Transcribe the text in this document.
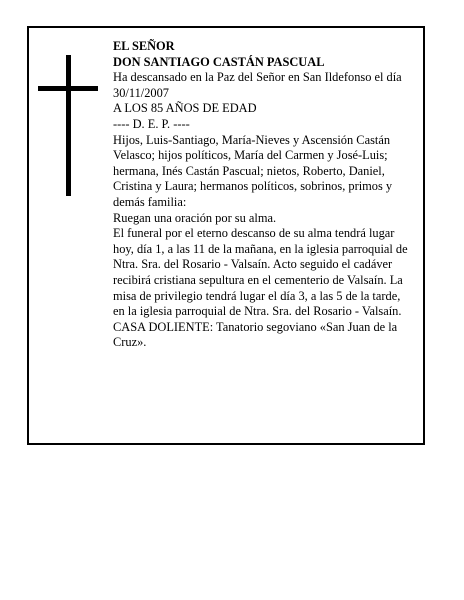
EL SEÑOR
DON SANTIAGO CASTÁN PASCUAL
Ha descansado en la Paz del Señor en San Ildefonso el día 30/11/2007
A LOS 85 AÑOS DE EDAD
---- D. E. P. ----
Hijos, Luis-Santiago, María-Nieves y Ascensión Castán Velasco; hijos políticos, María del Carmen y José-Luis; hermana, Inés Castán Pascual; nietos, Roberto, Daniel, Cristina y Laura; hermanos políticos, sobrinos, primos y demás familia:
Ruegan una oración por su alma.
El funeral por el eterno descanso de su alma tendrá lugar hoy, día 1, a las 11 de la mañana, en la iglesia parroquial de Ntra. Sra. del Rosario - Valsaín. Acto seguido el cadáver recibirá cristiana sepultura en el cementerio de Valsaín. La misa de privilegio tendrá lugar el día 3, a las 5 de la tarde, en la iglesia parroquial de Ntra. Sra. del Rosario - Valsaín.
CASA DOLIENTE: Tanatorio segoviano «San Juan de la Cruz».
